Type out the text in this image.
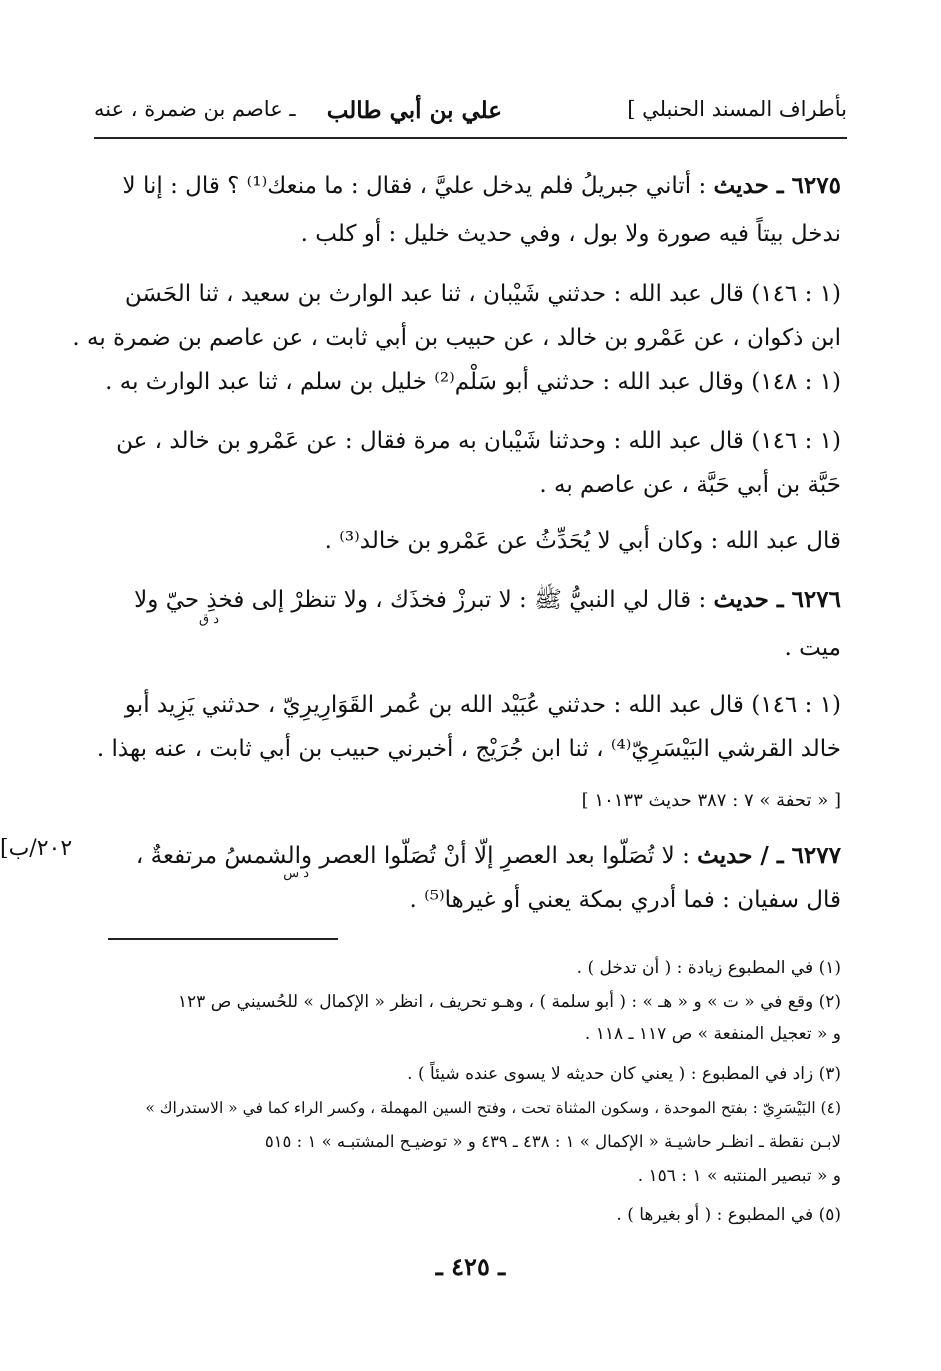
بأطراف المسند الحنبلي ]
علي بن أبي طالب
ـ عاصم بن ضمرة ، عنه
٦٢٧٥ ـ حديث : أتاني جبريلُ فلم يدخل عليَّ ، فقال : ما منعك⁽¹⁾ ؟ قال : إنا لا
ندخل بيتاً فيه صورة ولا بول ، وفي حديث خليل : أو كلب .
(١ : ١٤٦) قال عبد الله : حدثني شَيْبان ، ثنا عبد الوارث بن سعيد ، ثنا الحَسَن
ابن ذكوان ، عن عَمْرو بن خالد ، عن حبيب بن أبي ثابت ، عن عاصم بن ضمرة به .
(١ : ١٤٨) وقال عبد الله : حدثني أبو سَلْم⁽²⁾ خليل بن سلم ، ثنا عبد الوارث به .
(١ : ١٤٦) قال عبد الله : وحدثنا شَيْبان به مرة فقال : عن عَمْرو بن خالد ، عن
حَبَّة بن أبي حَبَّة ، عن عاصم به .
قال عبد الله : وكان أبي لا يُحَدِّثُ عن عَمْرو بن خالد⁽³⁾ .
٦٢٧٦ ـ حديث : قال لي النبيُّ ﷺ : لا تبرزْ فخذَك ، ولا تنظرْ إلى فخذِ حيّ ولا
د ق
ميت .
(١ : ١٤٦) قال عبد الله : حدثني عُبَيْد الله بن عُمر القَوَارِيرِيّ ، حدثني يَزِيد أبو
خالد القرشي البَيْسَرِيّ⁽⁴⁾ ، ثنا ابن جُرَيْج ، أخبرني حبيب بن أبي ثابت ، عنه بهذا .
[ « تحفة » ٧ : ٣٨٧ حديث ١٠١٣٣ ]
٦٢٧٧ ـ / حديث : لا تُصَلّوا بعد العصرِ إلّا أنْ تُصَلّوا العصر والشمسُ مرتفعةٌ ،
د س
قال سفيان : فما أدري بمكة يعني أو غيرها⁽⁵⁾ .
[٢٠٢/ب
(١) في المطبوع زيادة : ( أن تدخل ) .
(٢) وقع في « ت » و « هـ » : ( أبو سلمة ) ، وهـو تحريف ، انظر « الإكمال » للحُسيني ص ١٢٣
و « تعجيل المنفعة » ص ١١٧ ـ ١١٨ .
(٣) زاد في المطبوع : ( يعني كان حديثه لا يسوى عنده شيئاً ) .
(٤) البَيْسَرِيّ : بفتح الموحدة ، وسكون المثناة تحت ، وفتح السين المهملة ، وكسر الراء كما في « الاستدراك »
لابـن نقطة ـ انظـر حاشيـة « الإكمال » ١ : ٤٣٨ ـ ٤٣٩ و « توضيـح المشتبـه » ١ : ٥١٥
و « تبصير المنتبه » ١ : ١٥٦ .
(٥) في المطبوع : ( أو بغيرها ) .
ـ ٤٢٥ ـ
